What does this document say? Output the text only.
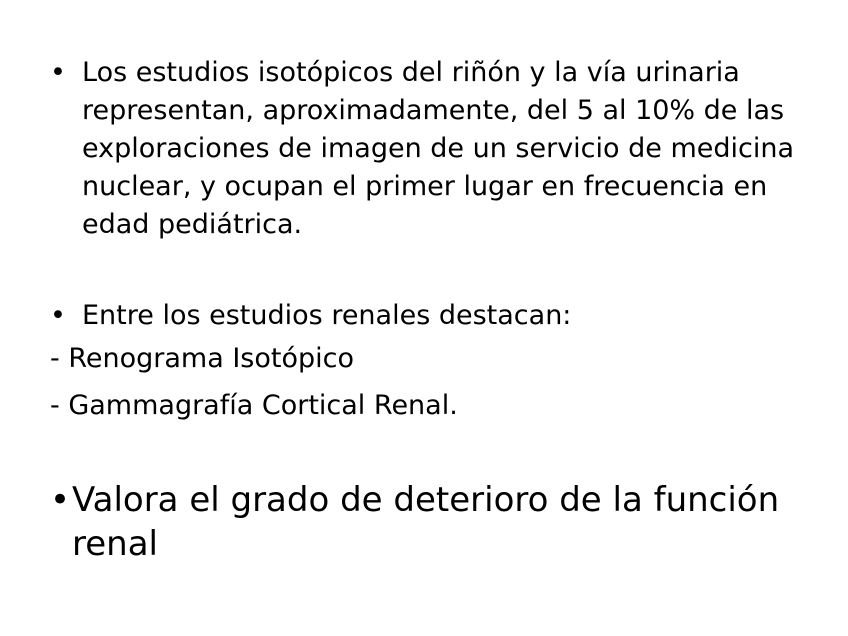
• Los estudios isotópicos del riñón y la vía urinaria representan, aproximadamente, del 5 al 10% de las exploraciones de imagen de un servicio de medicina nuclear, y ocupan el primer lugar en frecuencia en edad pediátrica.
• Entre los estudios renales destacan:
- Renograma Isotópico
- Gammagrafía Cortical Renal.
• Valora el grado de deterioro de la función renal
